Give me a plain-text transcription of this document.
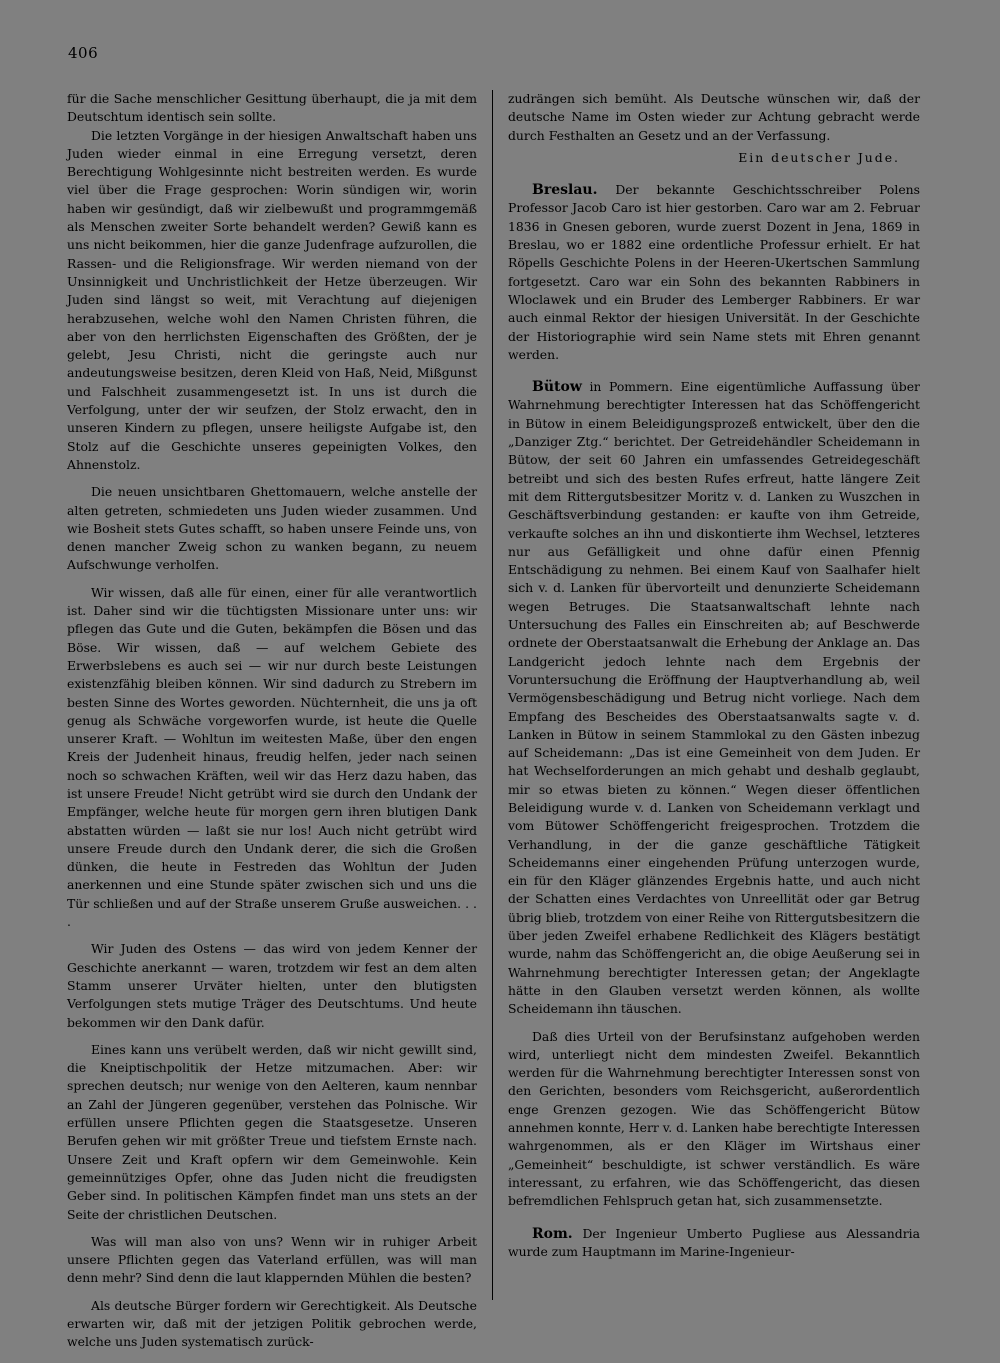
406

für die Sache menschlicher Gesittung überhaupt, die ja mit dem Deutschtum identisch sein sollte.

Die letzten Vorgänge in der hiesigen Anwaltschaft haben uns Juden wieder einmal in eine Erregung versetzt, deren Berechtigung Wohlgesinnte nicht bestreiten werden. Es wurde viel über die Frage gesprochen: Worin sündigen wir, worin haben wir gesündigt, daß wir zielbewußt und programmgemäß als Menschen zweiter Sorte behandelt werden? Gewiß kann es uns nicht beikommen, hier die ganze Judenfrage aufzurollen, die Rassen- und die Religionsfrage. Wir werden niemand von der Unsinnigkeit und Unchristlichkeit der Hetze überzeugen. Wir Juden sind längst so weit, mit Verachtung auf diejenigen herabzusehen, welche wohl den Namen Christen führen, die aber von den herrlichsten Eigenschaften des Größten, der je gelebt, Jesu Christi, nicht die geringste auch nur andeutungsweise besitzen, deren Kleid von Haß, Neid, Mißgunst und Falschheit zusammengesetzt ist. In uns ist durch die Verfolgung, unter der wir seufzen, der Stolz erwacht, den in unseren Kindern zu pflegen, unsere heiligste Aufgabe ist, den Stolz auf die Geschichte unseres gepeinigten Volkes, den Ahnenstolz.

Die neuen unsichtbaren Ghettomauern, welche anstelle der alten getreten, schmiedeten uns Juden wieder zusammen. Und wie Bosheit stets Gutes schafft, so haben unsere Feinde uns, von denen mancher Zweig schon zu wanken begann, zu neuem Aufschwunge verholfen.

Wir wissen, daß alle für einen, einer für alle verantwortlich ist. Daher sind wir die tüchtigsten Missionare unter uns: wir pflegen das Gute und die Guten, bekämpfen die Bösen und das Böse. Wir wissen, daß — auf welchem Gebiete des Erwerbslebens es auch sei — wir nur durch beste Leistungen existenzfähig bleiben können. Wir sind dadurch zu Strebern im besten Sinne des Wortes geworden. Nüchternheit, die uns ja oft genug als Schwäche vorgeworfen wurde, ist heute die Quelle unserer Kraft. — Wohltun im weitesten Maße, über den engen Kreis der Judenheit hinaus, freudig helfen, jeder nach seinen noch so schwachen Kräften, weil wir das Herz dazu haben, das ist unsere Freude! Nicht getrübt wird sie durch den Undank der Empfänger, welche heute für morgen gern ihren blutigen Dank abstatten würden — laßt sie nur los! Auch nicht getrübt wird unsere Freude durch den Undank derer, die sich die Großen dünken, die heute in Festreden das Wohltun der Juden anerkennen und eine Stunde später zwischen sich und uns die Tür schließen und auf der Straße unserem Gruße ausweichen. . . .

Wir Juden des Ostens — das wird von jedem Kenner der Geschichte anerkannt — waren, trotzdem wir fest an dem alten Stamm unserer Urväter hielten, unter den blutigsten Verfolgungen stets mutige Träger des Deutschtums. Und heute bekommen wir den Dank dafür.

Eines kann uns verübelt werden, daß wir nicht gewillt sind, die Kneiptischpolitik der Hetze mitzumachen. Aber: wir sprechen deutsch; nur wenige von den Aelteren, kaum nennbar an Zahl der Jüngeren gegenüber, verstehen das Polnische. Wir erfüllen unsere Pflichten gegen die Staatsgesetze. Unseren Berufen gehen wir mit größter Treue und tiefstem Ernste nach. Unsere Zeit und Kraft opfern wir dem Gemeinwohle. Kein gemeinnütziges Opfer, ohne das Juden nicht die freudigsten Geber sind. In politischen Kämpfen findet man uns stets an der Seite der christlichen Deutschen.

Was will man also von uns? Wenn wir in ruhiger Arbeit unsere Pflichten gegen das Vaterland erfüllen, was will man denn mehr? Sind denn die laut klappernden Mühlen die besten?

Als deutsche Bürger fordern wir Gerechtigkeit. Als Deutsche erwarten wir, daß mit der jetzigen Politik gebrochen werde, welche uns Juden systematisch zurück-

zudrängen sich bemüht. Als Deutsche wünschen wir, daß der deutsche Name im Osten wieder zur Achtung gebracht werde durch Festhalten an Gesetz und an der Verfassung.

Ein deutscher Jude.

Breslau. Der bekannte Geschichtsschreiber Polens Professor Jacob Caro ist hier gestorben. Caro war am 2. Februar 1836 in Gnesen geboren, wurde zuerst Dozent in Jena, 1869 in Breslau, wo er 1882 eine ordentliche Professur erhielt. Er hat Röpells Geschichte Polens in der Heeren-Ukertschen Sammlung fortgesetzt. Caro war ein Sohn des bekannten Rabbiners in Wloclawek und ein Bruder des Lemberger Rabbiners. Er war auch einmal Rektor der hiesigen Universität. In der Geschichte der Historiographie wird sein Name stets mit Ehren genannt werden.

Bütow in Pommern. Eine eigentümliche Auffassung über Wahrnehmung berechtigter Interessen hat das Schöffengericht in Bütow in einem Beleidigungsprozeß entwickelt, über den die „Danziger Ztg.“ berichtet. Der Getreidehändler Scheidemann in Bütow, der seit 60 Jahren ein umfassendes Getreidegeschäft betreibt und sich des besten Rufes erfreut, hatte längere Zeit mit dem Rittergutsbesitzer Moritz v. d. Lanken zu Wuszchen in Geschäftsverbindung gestanden: er kaufte von ihm Getreide, verkaufte solches an ihn und diskontierte ihm Wechsel, letzteres nur aus Gefälligkeit und ohne dafür einen Pfennig Entschädigung zu nehmen. Bei einem Kauf von Saalhafer hielt sich v. d. Lanken für übervorteilt und denunzierte Scheidemann wegen Betruges. Die Staatsanwaltschaft lehnte nach Untersuchung des Falles ein Einschreiten ab; auf Beschwerde ordnete der Oberstaatsanwalt die Erhebung der Anklage an. Das Landgericht jedoch lehnte nach dem Ergebnis der Voruntersuchung die Eröffnung der Hauptverhandlung ab, weil Vermögensbeschädigung und Betrug nicht vorliege. Nach dem Empfang des Bescheides des Oberstaatsanwalts sagte v. d. Lanken in Bütow in seinem Stammlokal zu den Gästen inbezug auf Scheidemann: „Das ist eine Gemeinheit von dem Juden. Er hat Wechselforderungen an mich gehabt und deshalb geglaubt, mir so etwas bieten zu können.“ Wegen dieser öffentlichen Beleidigung wurde v. d. Lanken von Scheidemann verklagt und vom Bütower Schöffengericht freigesprochen. Trotzdem die Verhandlung, in der die ganze geschäftliche Tätigkeit Scheidemanns einer eingehenden Prüfung unterzogen wurde, ein für den Kläger glänzendes Ergebnis hatte, und auch nicht der Schatten eines Verdachtes von Unreellität oder gar Betrug übrig blieb, trotzdem von einer Reihe von Rittergutsbesitzern die über jeden Zweifel erhabene Redlichkeit des Klägers bestätigt wurde, nahm das Schöffengericht an, die obige Aeußerung sei in Wahrnehmung berechtigter Interessen getan; der Angeklagte hätte in den Glauben versetzt werden können, als wollte Scheidemann ihn täuschen.

Daß dies Urteil von der Berufsinstanz aufgehoben werden wird, unterliegt nicht dem mindesten Zweifel. Bekanntlich werden für die Wahrnehmung berechtigter Interessen sonst von den Gerichten, besonders vom Reichsgericht, außerordentlich enge Grenzen gezogen. Wie das Schöffengericht Bütow annehmen konnte, Herr v. d. Lanken habe berechtigte Interessen wahrgenommen, als er den Kläger im Wirtshaus einer „Gemeinheit“ beschuldigte, ist schwer verständlich. Es wäre interessant, zu erfahren, wie das Schöffengericht, das diesen befremdlichen Fehlspruch getan hat, sich zusammensetzte.

Rom. Der Ingenieur Umberto Pugliese aus Alessandria wurde zum Hauptmann im Marine-Ingenieur-
